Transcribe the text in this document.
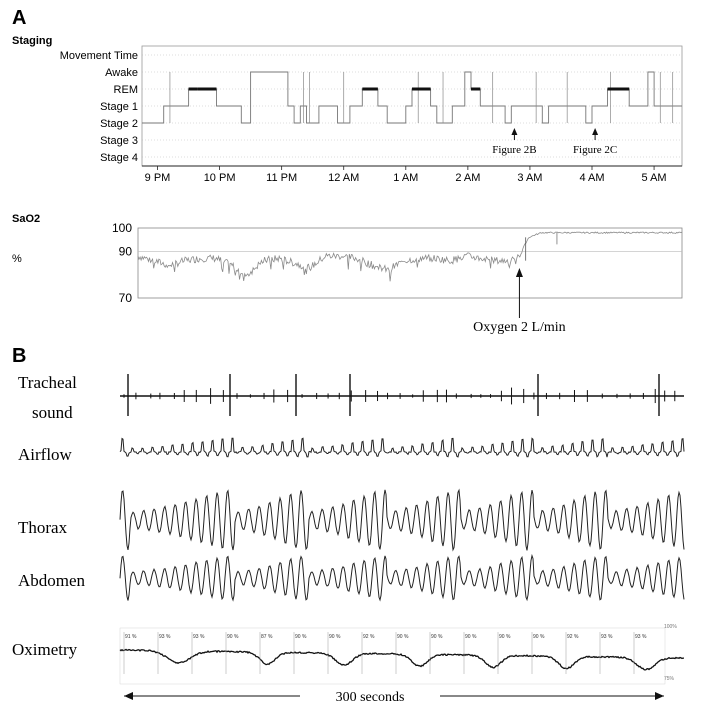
A
Staging
Movement Time
Awake
REM
Stage 1
Stage 2
Stage 3
Stage 4
9 PM	10 PM	11 PM	12 AM	1 AM	2 AM	3 AM	4 AM	5 AM
Figure 2B	Figure 2C
SaO2
%
70
90
100
Oxygen 2 L/min
B
Tracheal
sound
Airflow
Thorax
Abdomen
Oximetry
91 %	93 %	93 %	90 %	87 %	90 %	90 %	92 %	90 %	90 %	90 %	90 %	90 %	92 %	93 %	93 %
100%
75%
300 seconds
